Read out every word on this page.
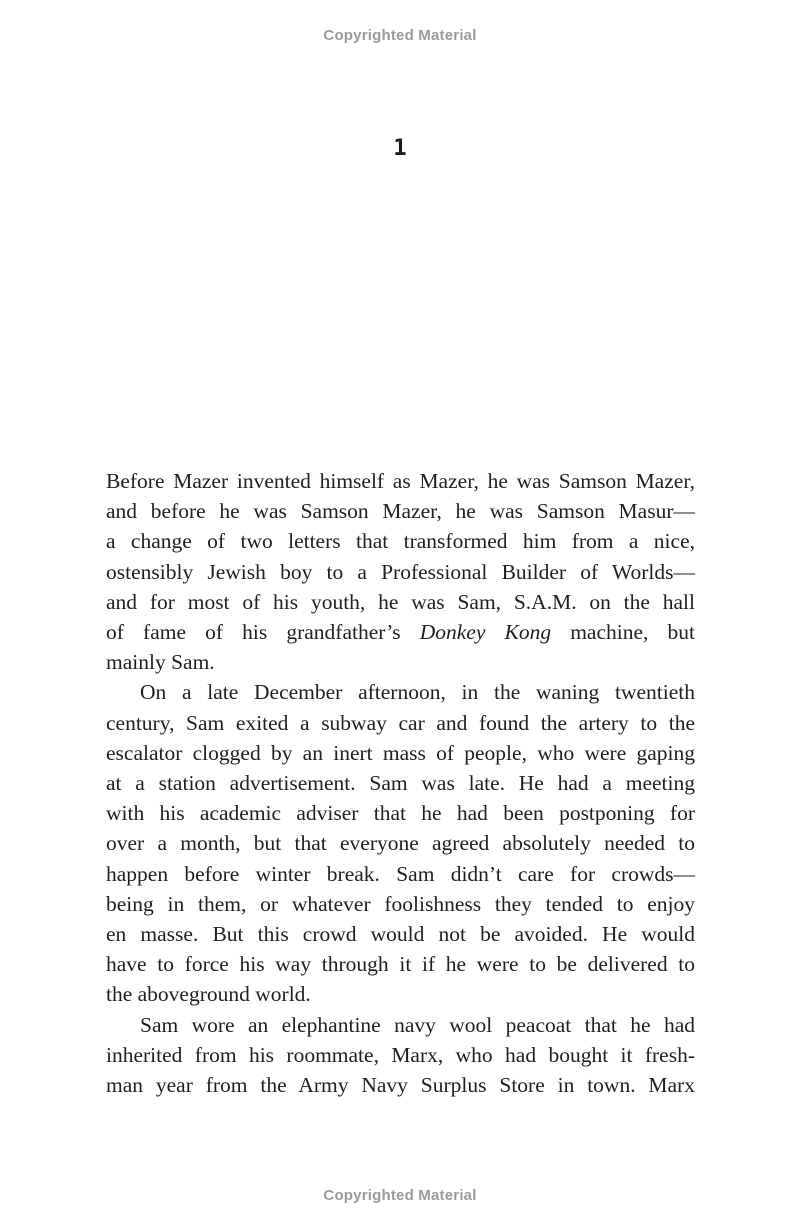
Copyrighted Material
1
Before Mazer invented himself as Mazer, he was Samson Mazer,
and before he was Samson Mazer, he was Samson Masur—
a change of two letters that transformed him from a nice,
ostensibly Jewish boy to a Professional Builder of Worlds—
and for most of his youth, he was Sam, S.A.M. on the hall
of fame of his grandfather’s Donkey Kong machine, but
mainly Sam.
On a late December afternoon, in the waning twentieth
century, Sam exited a subway car and found the artery to the
escalator clogged by an inert mass of people, who were gaping
at a station advertisement. Sam was late. He had a meeting
with his academic adviser that he had been postponing for
over a month, but that everyone agreed absolutely needed to
happen before winter break. Sam didn’t care for crowds—
being in them, or whatever foolishness they tended to enjoy
en masse. But this crowd would not be avoided. He would
have to force his way through it if he were to be delivered to
the aboveground world.
Sam wore an elephantine navy wool peacoat that he had
inherited from his roommate, Marx, who had bought it fresh-
man year from the Army Navy Surplus Store in town. Marx
Copyrighted Material
